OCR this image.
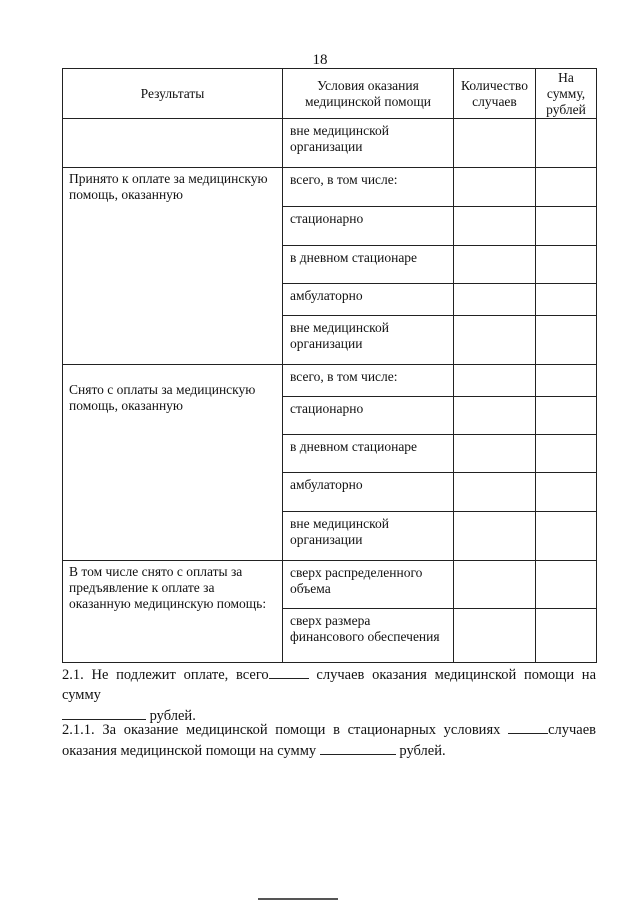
18
Результаты	Условия оказания медицинской помощи	Количество случаев	На сумму, рублей
	вне медицинской организации		
Принято к оплате за медицинскую помощь, оказанную	всего, в том числе:		
	стационарно		
	в дневном стационаре		
	амбулаторно		
	вне медицинской организации		
Снято с оплаты за медицинскую помощь, оказанную	всего, в том числе:		
	стационарно		
	в дневном стационаре		
	амбулаторно		
	вне медицинской организации		
В том числе снято с оплаты за предъявление к оплате за оказанную медицинскую помощь:	сверх распределенного объема		
	сверх размера финансового обеспечения		
2.1. Не подлежит оплате, всего	случаев оказания медицинской помощи на сумму
рублей.
2.1.1. За оказание медицинской помощи в стационарных условиях	случаев
оказания медицинской помощи на сумму	рублей.
